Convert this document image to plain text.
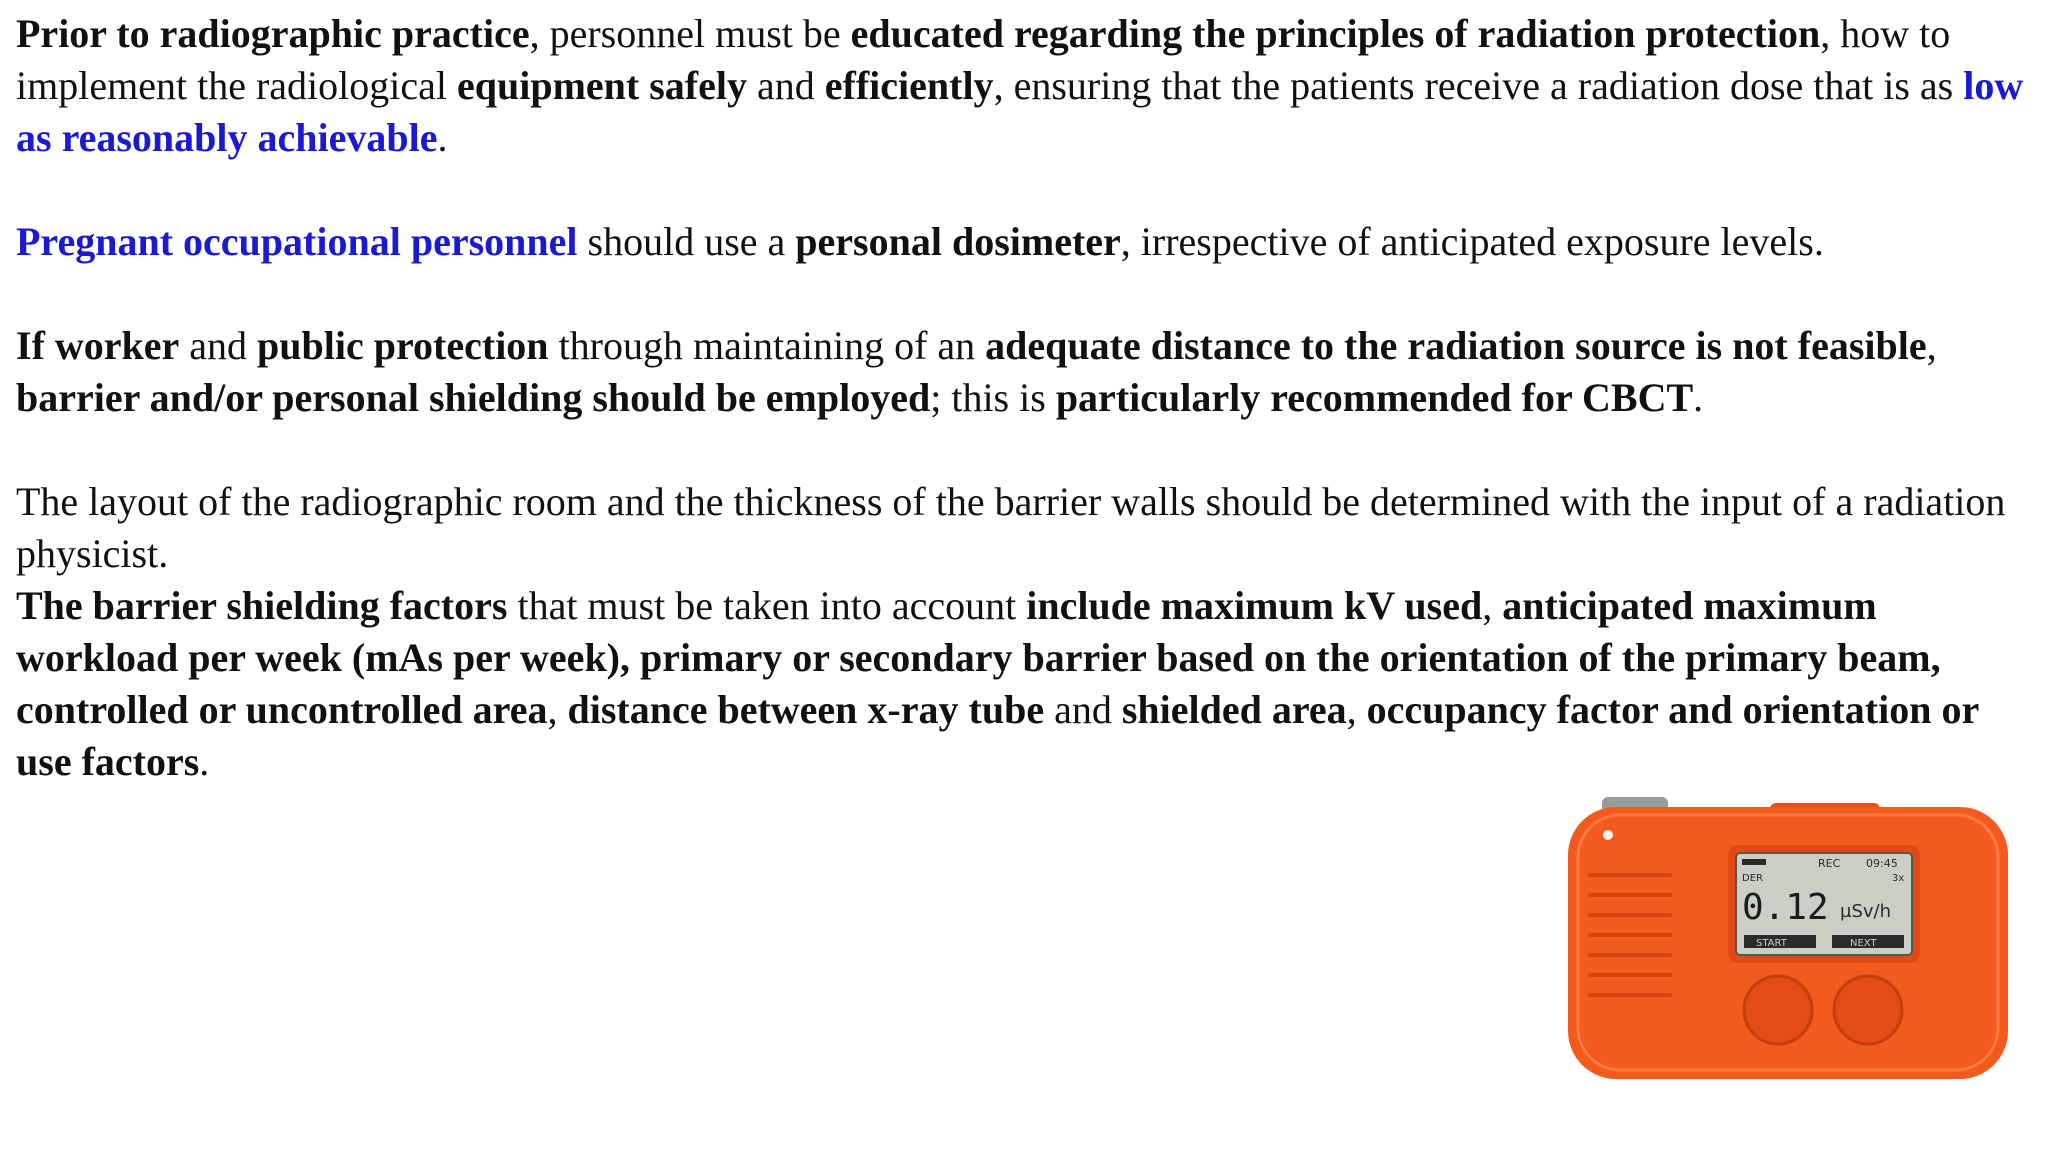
Prior to radiographic practice, personnel must be educated regarding the principles of radiation protection, how to implement the radiological equipment safely and efficiently, ensuring that the patients receive a radiation dose that is as low as reasonably achievable.

Pregnant occupational personnel should use a personal dosimeter, irrespective of anticipated exposure levels.

If worker and public protection through maintaining of an adequate distance to the radiation source is not feasible, barrier and/or personal shielding should be employed; this is particularly recommended for CBCT.

The layout of the radiographic room and the thickness of the barrier walls should be determined with the input of a radiation physicist.

The barrier shielding factors that must be taken into account include maximum kV used, anticipated maximum workload per week (mAs per week), primary or secondary barrier based on the orientation of the primary beam, controlled or uncontrolled area, distance between x-ray tube and shielded area, occupancy factor and orientation or use factors.

REC 09:45
DER	3x
0.12 µSv/h
START	NEXT
